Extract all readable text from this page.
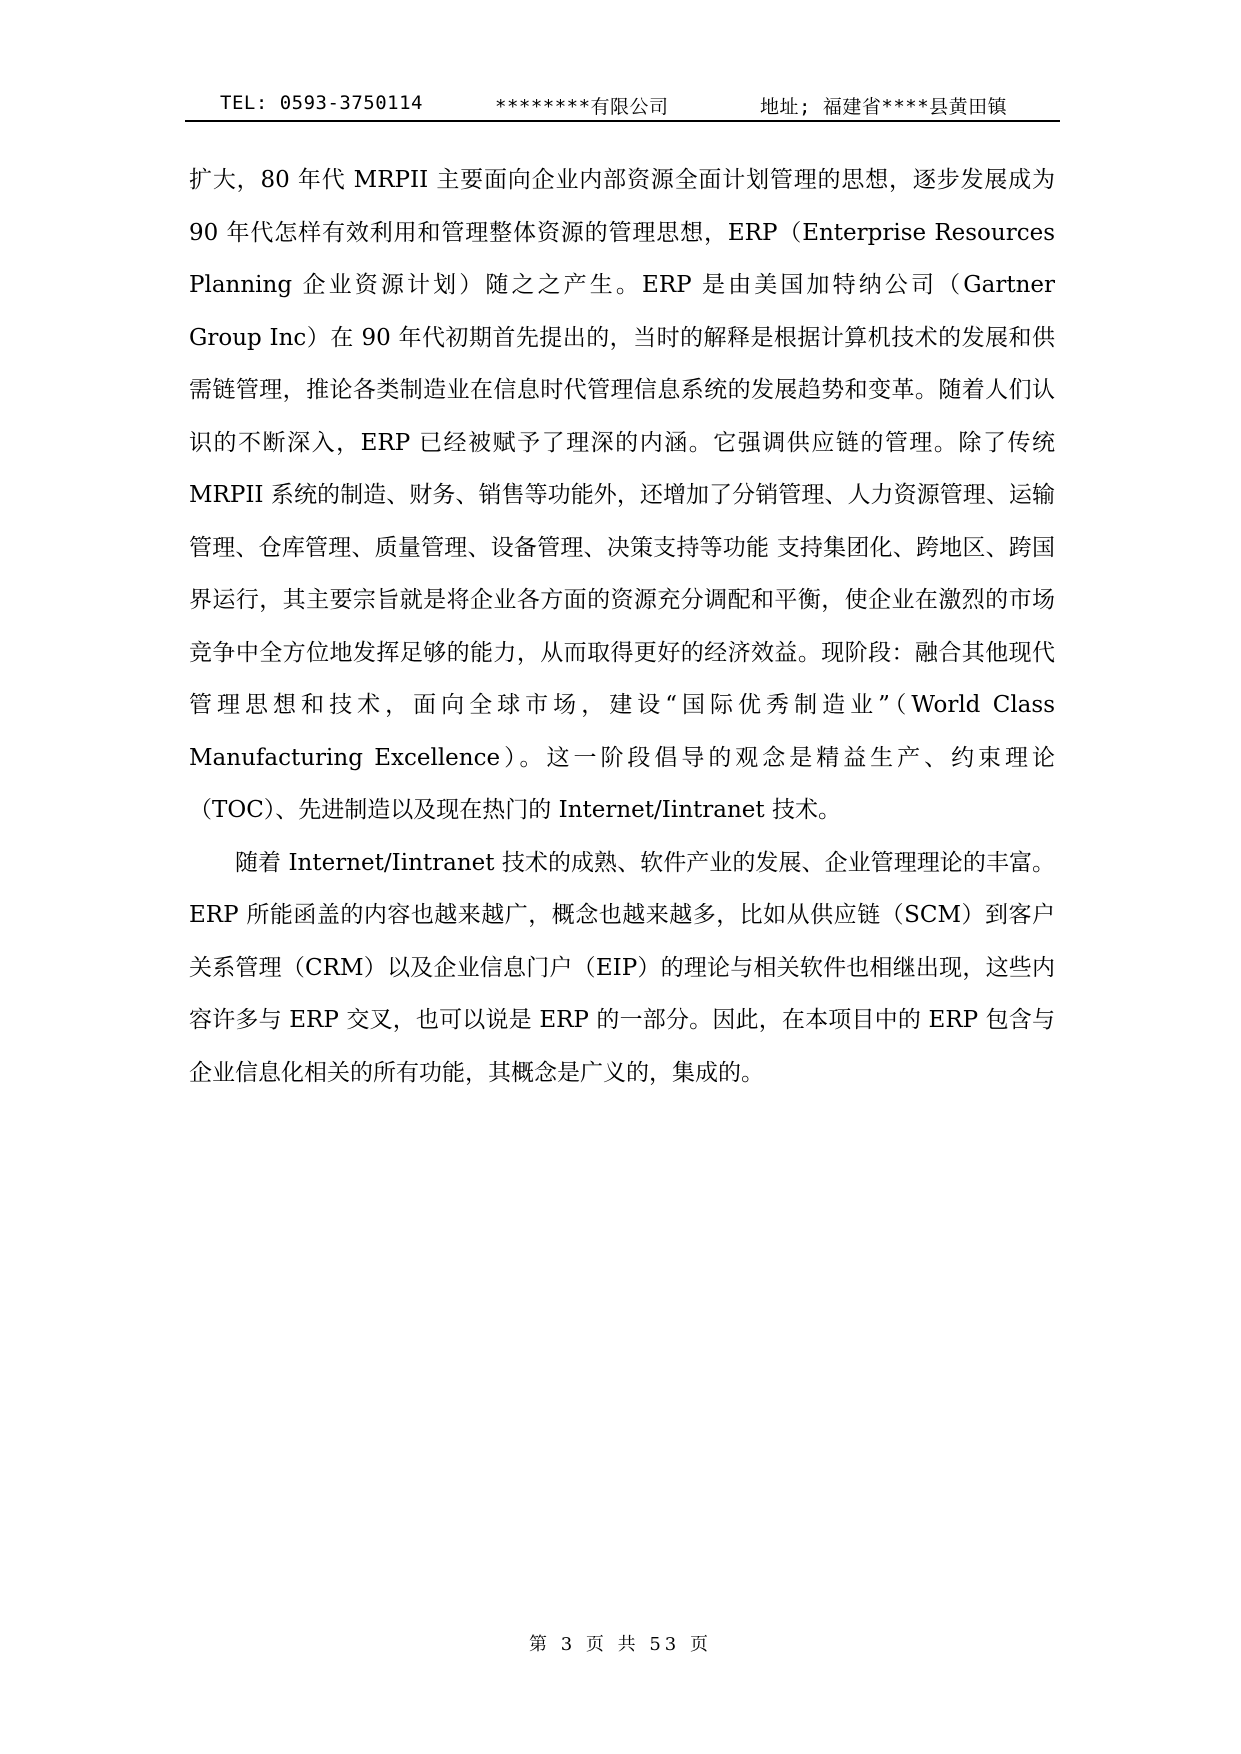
TEL: 0593-3750114	********有限公司	地址; 福建省****县黄田镇

扩大，80 年代 MRPII 主要面向企业内部资源全面计划管理的思想，逐步发展成为 90 年代怎样有效利用和管理整体资源的管理思想，ERP（Enterprise Resources Planning 企业资源计划）随之之产生。ERP 是由美国加特纳公司（Gartner Group Inc）在 90 年代初期首先提出的，当时的解释是根据计算机技术的发展和供需链管理，推论各类制造业在信息时代管理信息系统的发展趋势和变革。随着人们认识的不断深入，ERP 已经被赋予了理深的内涵。它强调供应链的管理。除了传统 MRPII 系统的制造、财务、销售等功能外，还增加了分销管理、人力资源管理、运输管理、仓库管理、质量管理、设备管理、决策支持等功能 支持集团化、跨地区、跨国界运行，其主要宗旨就是将企业各方面的资源充分调配和平衡，使企业在激烈的市场竞争中全方位地发挥足够的能力，从而取得更好的经济效益。现阶段：融合其他现代管理思想和技术，面向全球市场，建设“国际优秀制造业”（World Class Manufacturing Excellence）。这一阶段倡导的观念是精益生产、约束理论（TOC）、先进制造以及现在热门的 Internet/Iintranet 技术。

随着 Internet/Iintranet 技术的成熟、软件产业的发展、企业管理理论的丰富。ERP 所能函盖的内容也越来越广，概念也越来越多，比如从供应链（SCM）到客户关系管理（CRM）以及企业信息门户（EIP）的理论与相关软件也相继出现，这些内容许多与 ERP 交叉，也可以说是 ERP 的一部分。因此，在本项目中的 ERP 包含与企业信息化相关的所有功能，其概念是广义的，集成的。

第 3 页 共 53 页
